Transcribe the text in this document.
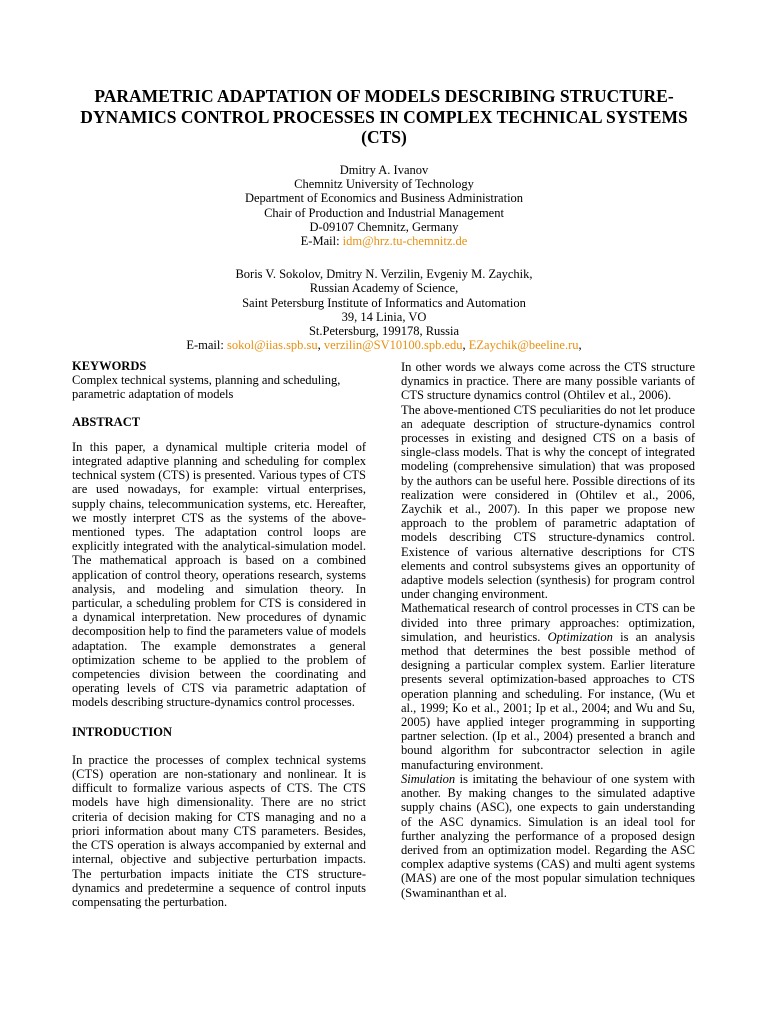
PARAMETRIC ADAPTATION OF MODELS DESCRIBING STRUCTURE-DYNAMICS CONTROL PROCESSES IN COMPLEX TECHNICAL SYSTEMS (CTS)
Dmitry A. Ivanov
Chemnitz University of Technology
Department of Economics and Business Administration
Chair of Production and Industrial Management
D-09107 Chemnitz, Germany
E-Mail: idm@hrz.tu-chemnitz.de
Boris V. Sokolov, Dmitry N. Verzilin, Evgeniy M. Zaychik,
Russian Academy of Science,
Saint Petersburg Institute of Informatics and Automation
39, 14 Linia, VO
St.Petersburg, 199178, Russia
E-mail: sokol@iias.spb.su, verzilin@SV10100.spb.edu, EZaychik@beeline.ru,

KEYWORDS

Complex technical systems, planning and scheduling, parametric adaptation of models

ABSTRACT

In this paper, a dynamical multiple criteria model of integrated adaptive planning and scheduling for complex technical system (CTS) is presented. Various types of CTS are used nowadays, for example: virtual enterprises, supply chains, telecommunication systems, etc. Hereafter, we mostly interpret CTS as the systems of the above-mentioned types. The adaptation control loops are explicitly integrated with the analytical-simulation model. The mathematical approach is based on a combined application of control theory, operations research, systems analysis, and modeling and simulation theory. In particular, a scheduling problem for CTS is considered in a dynamical interpretation. New procedures of dynamic decomposition help to find the parameters value of models adaptation. The example demonstrates a general optimization scheme to be applied to the problem of competencies division between the coordinating and operating levels of CTS via parametric adaptation of models describing structure-dynamics control processes.

INTRODUCTION

In practice the processes of complex technical systems (CTS) operation are non-stationary and nonlinear. It is difficult to formalize various aspects of CTS. The CTS models have high dimensionality. There are no strict criteria of decision making for CTS managing and no a priori information about many CTS parameters. Besides, the CTS operation is always accompanied by external and internal, objective and subjective perturbation impacts. The perturbation impacts initiate the CTS structure-dynamics and predetermine a sequence of control inputs compensating the perturbation.

In other words we always come across the CTS structure dynamics in practice. There are many possible variants of CTS structure dynamics control (Ohtilev et al., 2006).

The above-mentioned CTS peculiarities do not let produce an adequate description of structure-dynamics control processes in existing and designed CTS on a basis of single-class models. That is why the concept of integrated modeling (comprehensive simulation) that was proposed by the authors can be useful here. Possible directions of its realization were considered in (Ohtilev et al., 2006, Zaychik et al., 2007). In this paper we propose new approach to the problem of parametric adaptation of models describing CTS structure-dynamics control. Existence of various alternative descriptions for CTS elements and control subsystems gives an opportunity of adaptive models selection (synthesis) for program control under changing environment.

Mathematical research of control processes in CTS can be divided into three primary approaches: optimization, simulation, and heuristics. Optimization is an analysis method that determines the best possible method of designing a particular complex system. Earlier literature presents several optimization-based approaches to CTS operation planning and scheduling. For instance, (Wu et al., 1999; Ko et al., 2001; Ip et al., 2004; and Wu and Su, 2005) have applied integer programming in supporting partner selection. (Ip et al., 2004) presented a branch and bound algorithm for subcontractor selection in agile manufacturing environment.

Simulation is imitating the behaviour of one system with another. By making changes to the simulated adaptive supply chains (ASC), one expects to gain understanding of the ASC dynamics. Simulation is an ideal tool for further analyzing the performance of a proposed design derived from an optimization model. Regarding the ASC complex adaptive systems (CAS) and multi agent systems (MAS) are one of the most popular simulation techniques (Swaminanthan et al.
